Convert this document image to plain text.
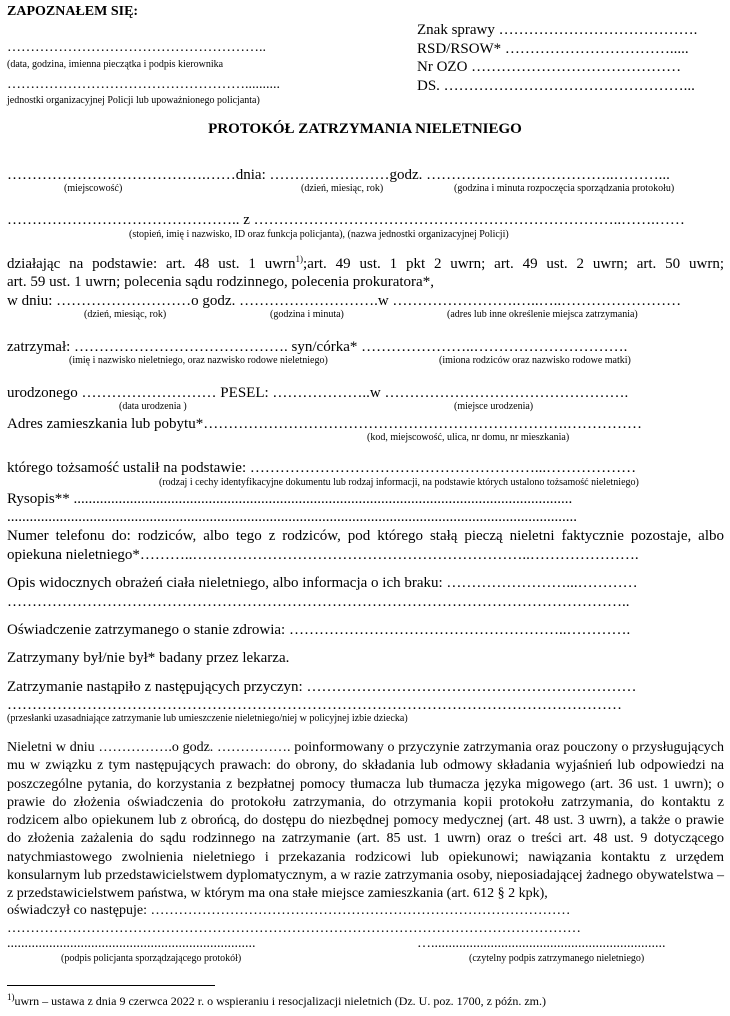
ZAPOZNAŁEM SIĘ:
………………………………………………..
(data, godzina, imienna pieczątka i podpis kierownika
……………………………………………..........
jednostki organizacyjnej Policji lub upoważnionego policjanta)
Znak sprawy ………………………………….
RSD/RSOW* …………………………….....
Nr OZO ……………………………………
DS. …………………………………………...
PROTOKÓŁ ZATRZYMANIA NIELETNIEGO
………………………………….……dnia: ……………………godz. ………………………………..………...
(miejscowość)	(dzień, miesiąc, rok)	(godzina i minuta rozpoczęcia sporządzania protokołu)
……………………………………….. z ………………………………………………………………..…….……
(stopień, imię i nazwisko, ID oraz funkcja policjanta), (nazwa jednostki organizacyjnej Policji)
działając na podstawie: art. 48 ust. 1 uwrn$^{1)}$;art. 49 ust. 1 pkt 2 uwrn; art. 49 ust. 2 uwrn; art. 50 uwrn;
art. 59 ust. 1 uwrn; polecenia sądu rodzinnego, polecenia prokuratora*,
w dniu: ………………………o godz. ……………………….w …………………….…..…..……………………
(dzień, miesiąc, rok)	(godzina i minuta)	(adres lub inne określenie miejsca zatrzymania)
zatrzymał: ……………………………………. syn/córka* …………………..………………………….
(imię i nazwisko nieletniego, oraz nazwisko rodowe nieletniego)	(imiona rodziców oraz nazwisko rodowe matki)
urodzonego ……………………… PESEL: ………………..w ………………………………………….
(data urodzenia )	(miejsce urodzenia)
Adres zamieszkania lub pobytu*……………………………………………………………….……………
(kod, miejscowość, ulica, nr domu, nr mieszkania)
którego tożsamość ustalił na podstawie: …………………………………………………...………………
(rodzaj i cechy identyfikacyjne dokumentu lub rodzaj informacji, na podstawie których ustalono tożsamość nieletniego)
Rysopis** .....................................................................................................................................
........................................................................................................................................................
Numer telefonu do: rodziców, albo tego z rodziców, pod którego stałą pieczą nieletni faktycznie pozostaje, albo
opiekuna nieletniego*………..…………………………………………………………..………………….
Opis widocznych obrażeń ciała nieletniego, albo informacja o ich braku: ……………………...…………
……………………………………………………………………………………………………………..
Oświadczenie zatrzymanego o stanie zdrowia: ………………………………………………..………….
Zatrzymany był/nie był* badany przez lekarza.
Zatrzymanie nastąpiło z następujących przyczyn: …………………………………………………………
……………………………………………………………………………………………………………
(przesłanki uzasadniające zatrzymanie lub umieszczenie nieletniego/niej w policyjnej izbie dziecka)
Nieletni w dniu …………….o godz. ……………. poinformowany o przyczynie zatrzymania oraz pouczony o przysługujących mu w związku z tym następujących prawach: do obrony, do składania lub odmowy składania wyjaśnień lub odpowiedzi na poszczególne pytania, do korzystania z bezpłatnej pomocy tłumacza lub tłumacza języka migowego (art. 36 ust. 1 uwrn); o prawie do złożenia oświadczenia do protokołu zatrzymania, do otrzymania kopii protokołu zatrzymania, do kontaktu z rodzicem albo opiekunem lub z obrońcą, do dostępu do niezbędnej pomocy medycznej (art. 48 ust. 3 uwrn), a także o prawie do złożenia zażalenia do sądu rodzinnego na zatrzymanie (art. 85 ust. 1 uwrn) oraz o treści art. 48 ust. 9 dotyczącego natychmiastowego zwolnienia nieletniego i przekazania rodzicowi lub opiekunowi; nawiązania kontaktu z urzędem konsularnym lub przedstawicielstwem dyplomatycznym, a w razie zatrzymania osoby, nieposiadającej żadnego obywatelstwa – z przedstawicielstwem państwa, w którym ma ona stałe miejsce zamieszkania (art. 612 § 2 kpk),
oświadczył co następuje: ………………………………………………………………………………
……………………………………………………………………………………………………………
.......................................................................	…...................................................................
(podpis policjanta sporządzającego protokół)	(czytelny podpis zatrzymanego nieletniego)
$^{1)}$uwrn – ustawa z dnia 9 czerwca 2022 r. o wspieraniu i resocjalizacji nieletnich (Dz. U. poz. 1700, z późn. zm.)
